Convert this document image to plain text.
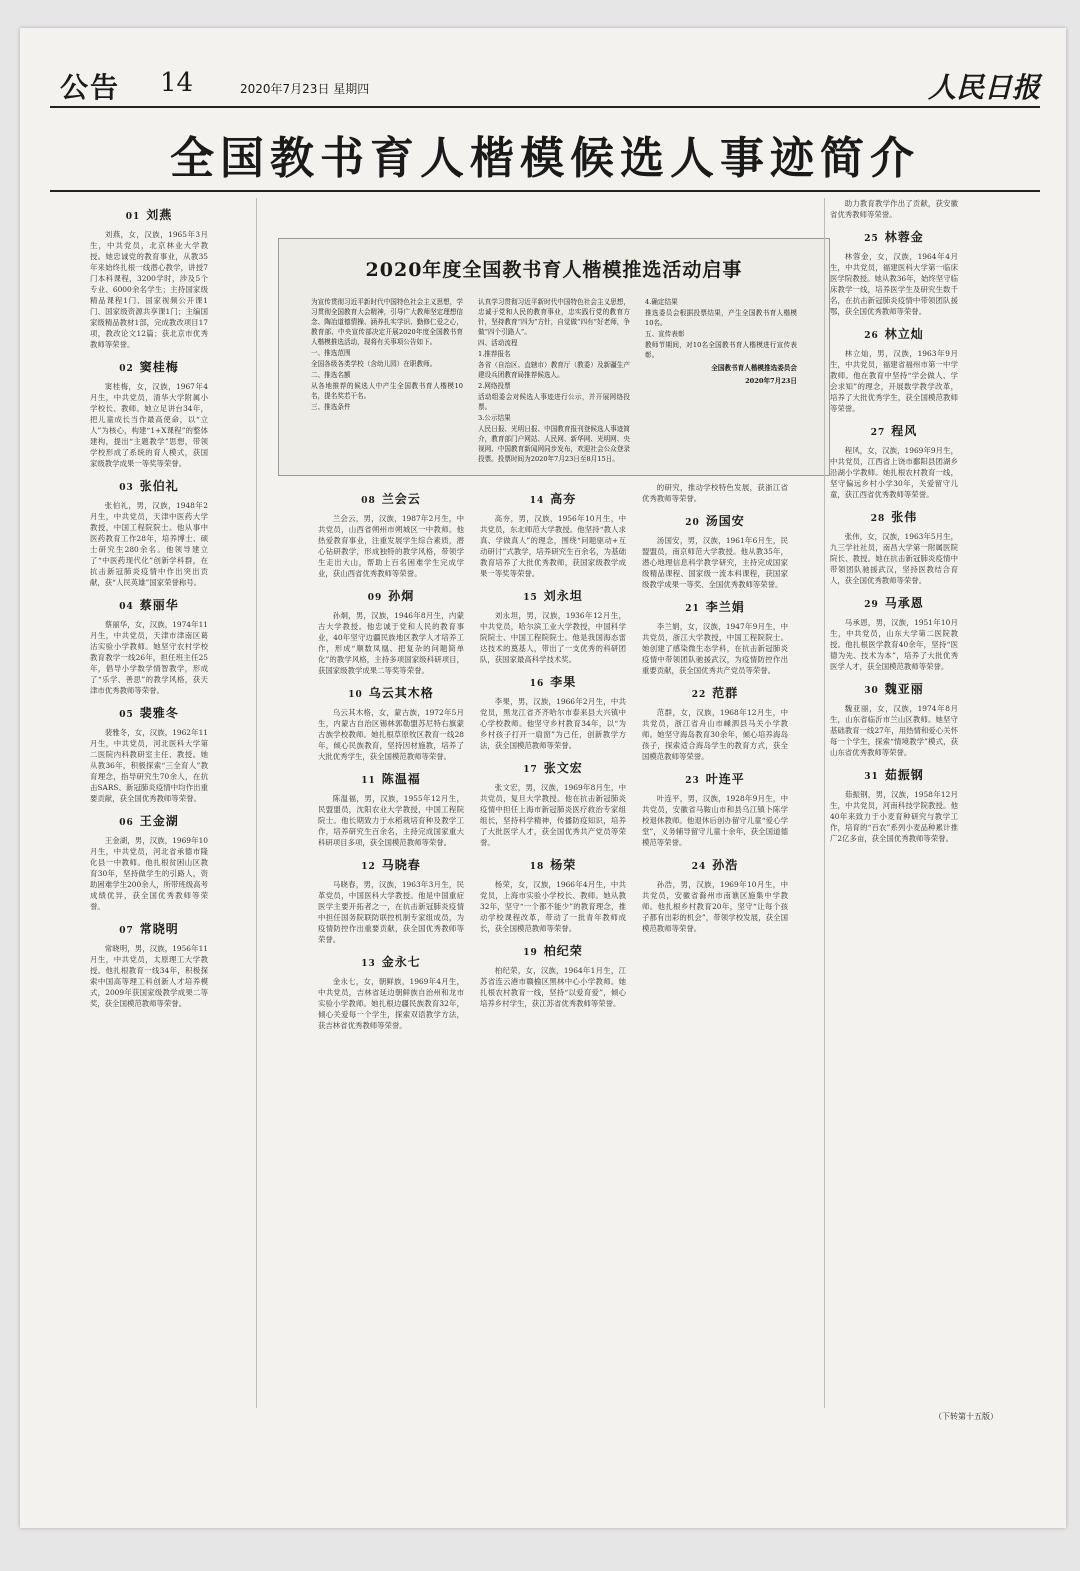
公告 14	2020年7月23日 星期四	人民日报
全国教书育人楷模候选人事迹简介
01 刘燕

刘燕，女，汉族，1965年3月生，中共党员，北京林业大学教授。她忠诚党的教育事业，从教35年来始终扎根一线潜心教学，讲授7门本科课程，3200学时，涉及5个专业、6000余名学生；主持国家级精品课程1门、国家视频公开课1门、国家级资源共享课1门；主编国家级精品教材1部，完成教改项目17项，教改论文12篇；获北京市优秀教师等荣誉。

02 窦桂梅

窦桂梅，女，汉族，1967年4月生，中共党员，清华大学附属小学校长、教师。她立足讲台34年，把儿童成长当作最高使命，以“立人”为核心，构建“1+X课程”的整体建构，提出“主题教学”思想，带领学校形成了系统的育人模式，获国家级教学成果一等奖等荣誉。

03 张伯礼

张伯礼，男，汉族，1948年2月生，中共党员，天津中医药大学教授，中国工程院院士。他从事中医药教育工作28年，培养博士、硕士研究生280余名。他领导建立了“中医药现代化”创新学科群，在抗击新冠肺炎疫情中作出突出贡献，获“人民英雄”国家荣誉称号。

04 蔡丽华

蔡丽华，女，汉族，1974年11月生，中共党员，天津市津南区葛沽实验小学教师。她坚守农村学校教育教学一线26年，担任班主任25年，倡导小学数学情智教学，形成了“乐学、善思”的教学风格，获天津市优秀教师等荣誉。

05 裴雅冬

裴雅冬，女，汉族，1962年11月生，中共党员，河北医科大学第二医院内科教研室主任、教授。她从教36年，积极探索“三全育人”教育理念，指导研究生70余人，在抗击SARS、新冠肺炎疫情中均作出重要贡献，获全国优秀教师等荣誉。

06 王金湖

王金湖，男，汉族，1969年10月生，中共党员，河北省承德市隆化县一中教师。他扎根贫困山区教育30年，坚持做学生的引路人，资助困难学生200余人，所带班级高考成绩优异，获全国优秀教师等荣誉。

07 常晓明

常晓明，男，汉族，1956年11月生，中共党员，太原理工大学教授。他扎根教育一线34年，积极探索中国高等理工科创新人才培养模式，2009年获国家级教学成果二等奖，获全国模范教师等荣誉。

2020年度全国教书育人楷模推选活动启事

为宣传贯彻习近平新时代中国特色社会主义思想，学习贯彻全国教育大会精神，引导广大教师坚定理想信念、陶冶道德情操、涵养扎实学识、勤修仁爱之心，教育部、中央宣传部决定开展2020年度全国教书育人楷模推选活动，现将有关事项公告如下。

一、推选范围

全国各级各类学校（含幼儿园）在职教师。

二、推选名额

从各地推荐的候选人中产生全国教书育人楷模10名，提名奖若干名。

三、推选条件

认真学习贯彻习近平新时代中国特色社会主义思想，忠诚于党和人民的教育事业，忠实践行党的教育方针，坚持教育“四为”方针，自觉做“四有”好老师，争做“四个引路人”。

四、活动流程

1.推荐报名

各省（自治区、直辖市）教育厅（教委）及新疆生产建设兵团教育局推荐候选人。

2.网络投票

活动组委会对候选人事迹进行公示，并开展网络投票。

3.公示结果

人民日报、光明日报、中国教育报刊登候选人事迹简介，教育部门户网站、人民网、新华网、光明网、央视网、中国教育新闻网同步发布，欢迎社会公众登录投票。投票时间为2020年7月23日至8月15日。

4.确定结果

推选委员会根据投票结果，产生全国教书育人楷模10名。

五、宣传表彰

教师节期间，对10名全国教书育人楷模进行宣传表彰。

全国教书育人楷模推选委员会
2020年7月23日
08 兰会云

兰会云，男，汉族，1987年2月生，中共党员，山西省朔州市朔城区一中教师。他热爱教育事业，注重发展学生综合素质，潜心钻研教学，形成独特的教学风格，带领学生走出大山，帮助上百名困难学生完成学业，获山西省优秀教师等荣誉。

09 孙炯

孙炯，男，汉族，1946年8月生，内蒙古大学教授。他忠诚于党和人民的教育事业，40年坚守边疆民族地区教学人才培养工作，形成“顺数凤凰、把复杂的问题简单化”的教学风格，主持多项国家级科研项目，获国家级教学成果二等奖等荣誉。

10 乌云其木格

乌云其木格，女，蒙古族，1972年5月生，内蒙古自治区锡林郭勒盟苏尼特右旗蒙古族学校教师。她扎根草原牧区教育一线28年，倾心民族教育，坚持因材施教，培养了大批优秀学生，获全国模范教师等荣誉。

11 陈温福

陈温福，男，汉族，1955年12月生，民盟盟员，沈阳农业大学教授，中国工程院院士。他长期致力于水稻栽培育种及教学工作，培养研究生百余名，主持完成国家重大科研项目多项，获全国模范教师等荣誉。

12 马晓春

马晓春，男，汉族，1963年3月生，民革党员，中国医科大学教授。他是中国重症医学主要开拓者之一，在抗击新冠肺炎疫情中担任国务院联防联控机制专家组成员，为疫情防控作出重要贡献，获全国优秀教师等荣誉。

13 金永七

金永七，女，朝鲜族，1969年4月生，中共党员，吉林省延边朝鲜族自治州和龙市实验小学教师。她扎根边疆民族教育32年，倾心关爱每一个学生，探索双语教学方法，获吉林省优秀教师等荣誉。

14 高夯

高夯，男，汉族，1956年10月生，中共党员，东北师范大学教授。他坚持“教人求真、学做真人”的理念，围绕“问题驱动+互动研讨”式教学，培养研究生百余名，为基础教育培养了大批优秀教师，获国家级教学成果一等奖等荣誉。

15 刘永坦

刘永坦，男，汉族，1936年12月生，中共党员，哈尔滨工业大学教授，中国科学院院士、中国工程院院士。他是我国海态雷达技术的奠基人，带出了一支优秀的科研团队，获国家最高科学技术奖。

16 李果

李果，男，汉族，1966年2月生，中共党员，黑龙江省齐齐哈尔市泰来县大兴镇中心学校教师。他坚守乡村教育34年，以“为乡村孩子打开一扇窗”为己任，创新教学方法，获全国模范教师等荣誉。

17 张文宏

张文宏，男，汉族，1969年8月生，中共党员，复旦大学教授。他在抗击新冠肺炎疫情中担任上海市新冠肺炎医疗救治专家组组长，坚持科学精神，传播防疫知识，培养了大批医学人才，获全国优秀共产党员等荣誉。

18 杨荣

杨荣，女，汉族，1966年4月生，中共党员，上海市实验小学校长、教师。她从教32年，坚守“一个都不能少”的教育理念，推动学校课程改革，带动了一批青年教师成长，获全国模范教师等荣誉。

19 柏纪荣

柏纪荣，女，汉族，1964年1月生，江苏省连云港市赣榆区黑林中心小学教师。她扎根农村教育一线，坚持“以爱育爱”，倾心培养乡村学生，获江苏省优秀教师等荣誉。

的研究，推动学校特色发展，获浙江省优秀教师等荣誉。

20 汤国安

汤国安，男，汉族，1961年6月生，民盟盟员，南京师范大学教授。他从教35年，潜心地理信息科学教学研究，主持完成国家级精品课程、国家级一流本科课程，获国家级教学成果一等奖、全国优秀教师等荣誉。

21 李兰娟

李兰娟，女，汉族，1947年9月生，中共党员，浙江大学教授，中国工程院院士。她创建了感染微生态学科，在抗击新冠肺炎疫情中带领团队驰援武汉，为疫情防控作出重要贡献，获全国优秀共产党员等荣誉。

22 范群

范群，女，汉族，1968年12月生，中共党员，浙江省舟山市嵊泗县马关小学教师。她坚守海岛教育30余年，倾心培养海岛孩子，探索适合海岛学生的教育方式，获全国模范教师等荣誉。

23 叶连平

叶连平，男，汉族，1928年9月生，中共党员，安徽省马鞍山市和县乌江镇卜陈学校退休教师。他退休后创办留守儿童“爱心学堂”，义务辅导留守儿童十余年，获全国道德模范等荣誉。

24 孙浩

孙浩，男，汉族，1969年10月生，中共党员，安徽省滁州市南谯区施集中学教师。他扎根乡村教育20年，坚守“让每个孩子都有出彩的机会”，带领学校发展，获全国模范教师等荣誉。

助力教育教学作出了贡献，获安徽省优秀教师等荣誉。

25 林蓉金

林蓉金，女，汉族，1964年4月生，中共党员，福建医科大学第一临床医学院教授。她从教36年，始终坚守临床教学一线，培养医学生及研究生数千名，在抗击新冠肺炎疫情中带领团队援鄂，获全国优秀教师等荣誉。

26 林立灿

林立灿，男，汉族，1963年9月生，中共党员，福建省福州市第一中学教师。他在教育中坚持“学会做人、学会求知”的理念，开展数学教学改革，培养了大批优秀学生，获全国模范教师等荣誉。

27 程风

程风，女，汉族，1969年9月生，中共党员，江西省上饶市鄱阳县团湖乡沿湖小学教师。她扎根农村教育一线，坚守偏远乡村小学30年，关爱留守儿童，获江西省优秀教师等荣誉。

28 张伟

张伟，女，汉族，1963年5月生，九三学社社员，南昌大学第一附属医院院长、教授。她在抗击新冠肺炎疫情中带领团队驰援武汉，坚持医教结合育人，获全国优秀教师等荣誉。

29 马承恩

马承恩，男，汉族，1951年10月生，中共党员，山东大学第二医院教授。他扎根医学教育40余年，坚持“医德为先、技术为本”，培养了大批优秀医学人才，获全国模范教师等荣誉。

30 魏亚丽

魏亚丽，女，汉族，1974年8月生，山东省临沂市兰山区教师。她坚守基础教育一线27年，用热情和爱心关怀每一个学生，探索“情境教学”模式，获山东省优秀教师等荣誉。

31 茹振钢

茹振钢，男，汉族，1958年12月生，中共党员，河南科技学院教授。他40年来致力于小麦育种研究与教学工作，培育的“百农”系列小麦品种累计推广2亿多亩，获全国优秀教师等荣誉。

（下转第十五版）
